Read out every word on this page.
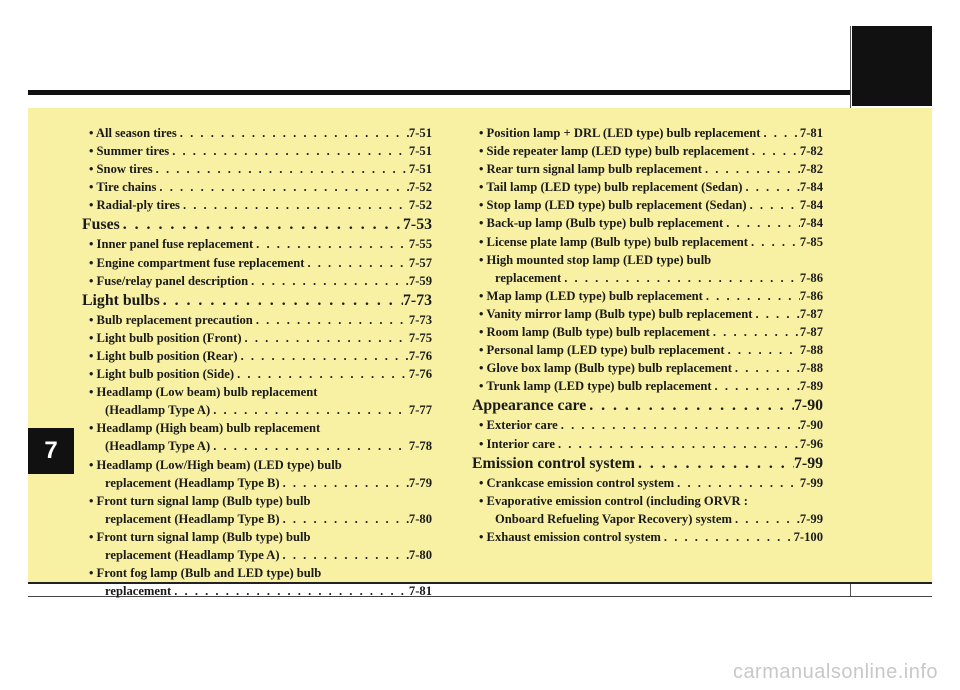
7
• All season tires . . .	7-51
• Summer tires . . .	7-51
• Snow tires . . .	7-51
• Tire chains . . .	7-52
• Radial-ply tires . . .	7-52
Fuses . . .	7-53
• Inner panel fuse replacement . . .	7-55
• Engine compartment fuse replacement . . .	7-57
• Fuse/relay panel description . . .	7-59
Light bulbs . . .	7-73
• Bulb replacement precaution . . .	7-73
• Light bulb position (Front) . . .	7-75
• Light bulb position (Rear) . . .	7-76
• Light bulb position (Side) . . .	7-76
• Headlamp (Low beam) bulb replacement
(Headlamp Type A) . . .	7-77
• Headlamp (High beam) bulb replacement
(Headlamp Type A) . . .	7-78
• Headlamp (Low/High beam) (LED type) bulb
replacement (Headlamp Type B) . . .	7-79
• Front turn signal lamp (Bulb type) bulb
replacement (Headlamp Type B) . . .	7-80
• Front turn signal lamp (Bulb type) bulb
replacement (Headlamp Type A) . . .	7-80
• Front fog lamp (Bulb and LED type) bulb
replacement . . .	7-81
• Position lamp + DRL (LED type) bulb replacement . . .	7-81
• Side repeater lamp (LED type) bulb replacement . . .	7-82
• Rear turn signal lamp bulb replacement . . .	7-82
• Tail lamp (LED type) bulb replacement (Sedan) . . .	7-84
• Stop lamp (LED type) bulb replacement (Sedan) . . .	7-84
• Back-up lamp (Bulb type) bulb replacement . . .	7-84
• License plate lamp (Bulb type) bulb replacement . . .	7-85
• High mounted stop lamp (LED type) bulb
replacement . . .	7-86
• Map lamp (LED type) bulb replacement . . .	7-86
• Vanity mirror lamp (Bulb type) bulb replacement . . .	7-87
• Room lamp (Bulb type) bulb replacement . . .	7-87
• Personal lamp (LED type) bulb replacement . . .	7-88
• Glove box lamp (Bulb type) bulb replacement . . .	7-88
• Trunk lamp (LED type) bulb replacement . . .	7-89
Appearance care . . .	7-90
• Exterior care . . .	7-90
• Interior care . . .	7-96
Emission control system . . .	7-99
• Crankcase emission control system . . .	7-99
• Evaporative emission control (including ORVR :
Onboard Refueling Vapor Recovery) system . . .	7-99
• Exhaust emission control system . . .	7-100
carmanualsonline.info
